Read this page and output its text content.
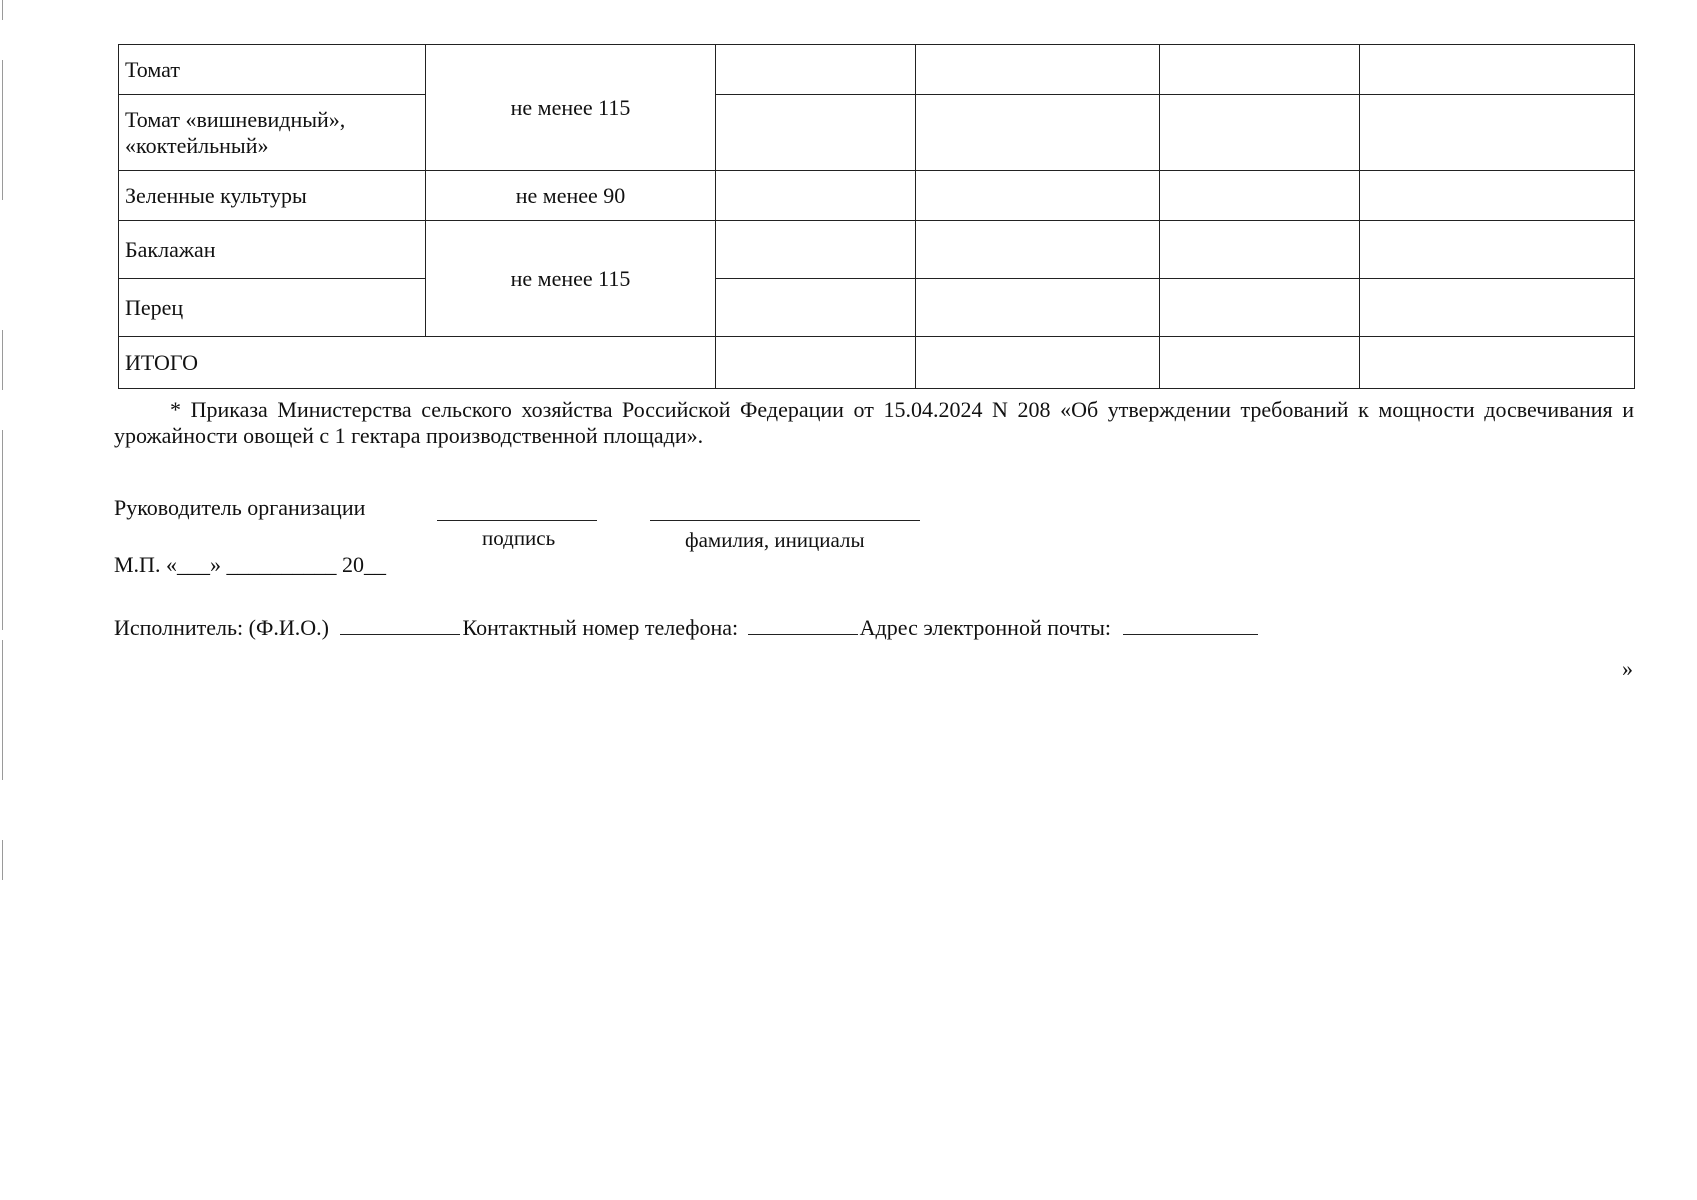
Томат	не менее 115				
Томат «вишневидный», «коктейльный»					
Зеленные культуры	не менее 90				
Баклажан	не менее 115				
Перец					
ИТОГО					
* Приказа Министерства сельского хозяйства Российской Федерации от 15.04.2024 N 208 «Об утверждении требований к мощности досвечивания и урожайности овощей с 1 гектара производственной площади».
Руководитель организации
подпись	фамилия, инициалы
М.П. «___» __________ 20__
Исполнитель: (Ф.И.О.)	Контактный номер телефона:	Адрес электронной почты:
»
